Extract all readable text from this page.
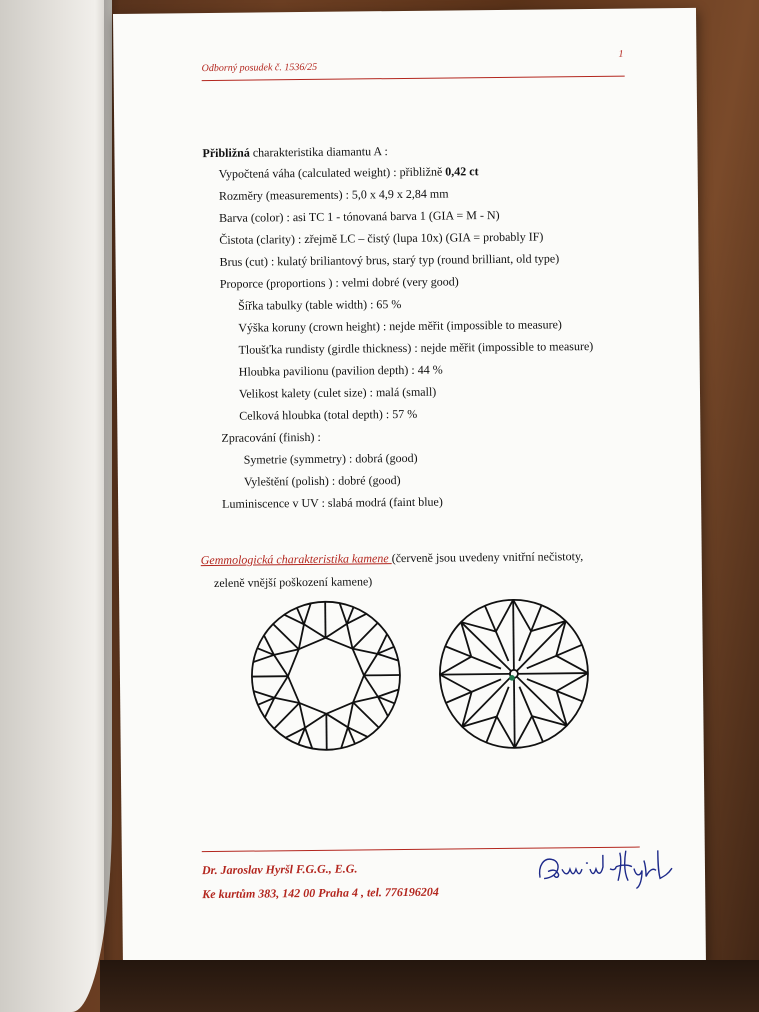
Odborný posudek č. 1536/25
1
Přibližná charakteristika diamantu A :
Vypočtená váha (calculated weight) : přibližně 0,42 ct
Rozměry (measurements) : 5,0 x 4,9 x 2,84 mm
Barva (color) : asi TC 1 - tónovaná barva 1 (GIA = M - N)
Čistota (clarity) : zřejmě LC – čistý (lupa 10x) (GIA = probably IF)
Brus (cut) : kulatý briliantový brus, starý typ (round brilliant, old type)
Proporce (proportions ) : velmi dobré (very good)
Šířka tabulky (table width) : 65 %
Výška koruny (crown height) : nejde měřit (impossible to measure)
Tloušťka rundisty (girdle thickness) : nejde měřit (impossible to measure)
Hloubka pavilionu (pavilion depth) : 44 %
Velikost kalety (culet size) : malá (small)
Celková hloubka (total depth) : 57 %
Zpracování (finish) :
Symetrie (symmetry) : dobrá (good)
Vyleštění (polish) : dobré (good)
Luminiscence v UV : slabá modrá (faint blue)
Gemmologická charakteristika kamene (červeně jsou uvedeny vnitřní nečistoty,
zeleně vnější poškození kamene)
Dr. Jaroslav Hyršl F.G.G., E.G.
Ke kurtům 383, 142 00 Praha 4 , tel. 776196204
